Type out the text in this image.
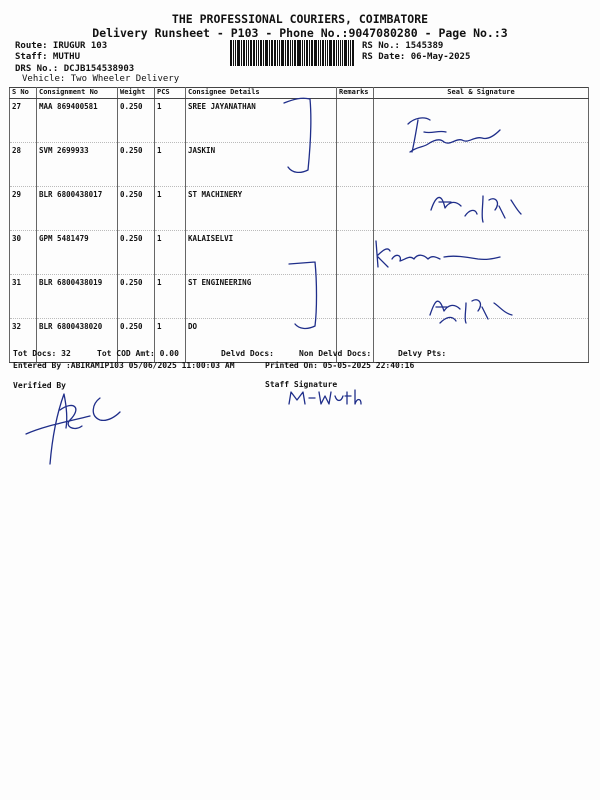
THE PROFESSIONAL COURIERS, COIMBATORE
Delivery Runsheet - P103 - Phone No.:9047080280 - Page No.:3
Route: IRUGUR 103
Staff: MUTHU
DRS No.: DCJB154538903
Vehicle: Two Wheeler Delivery
RS No.: 1545389
RS Date: 06-May-2025
S No	Consignment No	Weight	PCS	Consignee Details	Remarks	Seal & Signature
27	MAA 869400581	0.250	1	SREE JAYANATHAN		
28	SVM 2699933	0.250	1	JASKIN		
29	BLR 6800438017	0.250	1	ST MACHINERY		
30	GPM 5481479	0.250	1	KALAISELVI		
31	BLR 6800438019	0.250	1	ST ENGINEERING		
32	BLR 6800438020	0.250	1	DO		
Tot Docs: 32	Tot COD Amt: 0.00	Delvd Docs:	Non Delvd Docs:	Delvy Pts:
Entered By :ABIRAMIP103 05/06/2025 11:00:03 AM	Printed On: 05-05-2025 22:40:16
Verified By	Staff Signature
